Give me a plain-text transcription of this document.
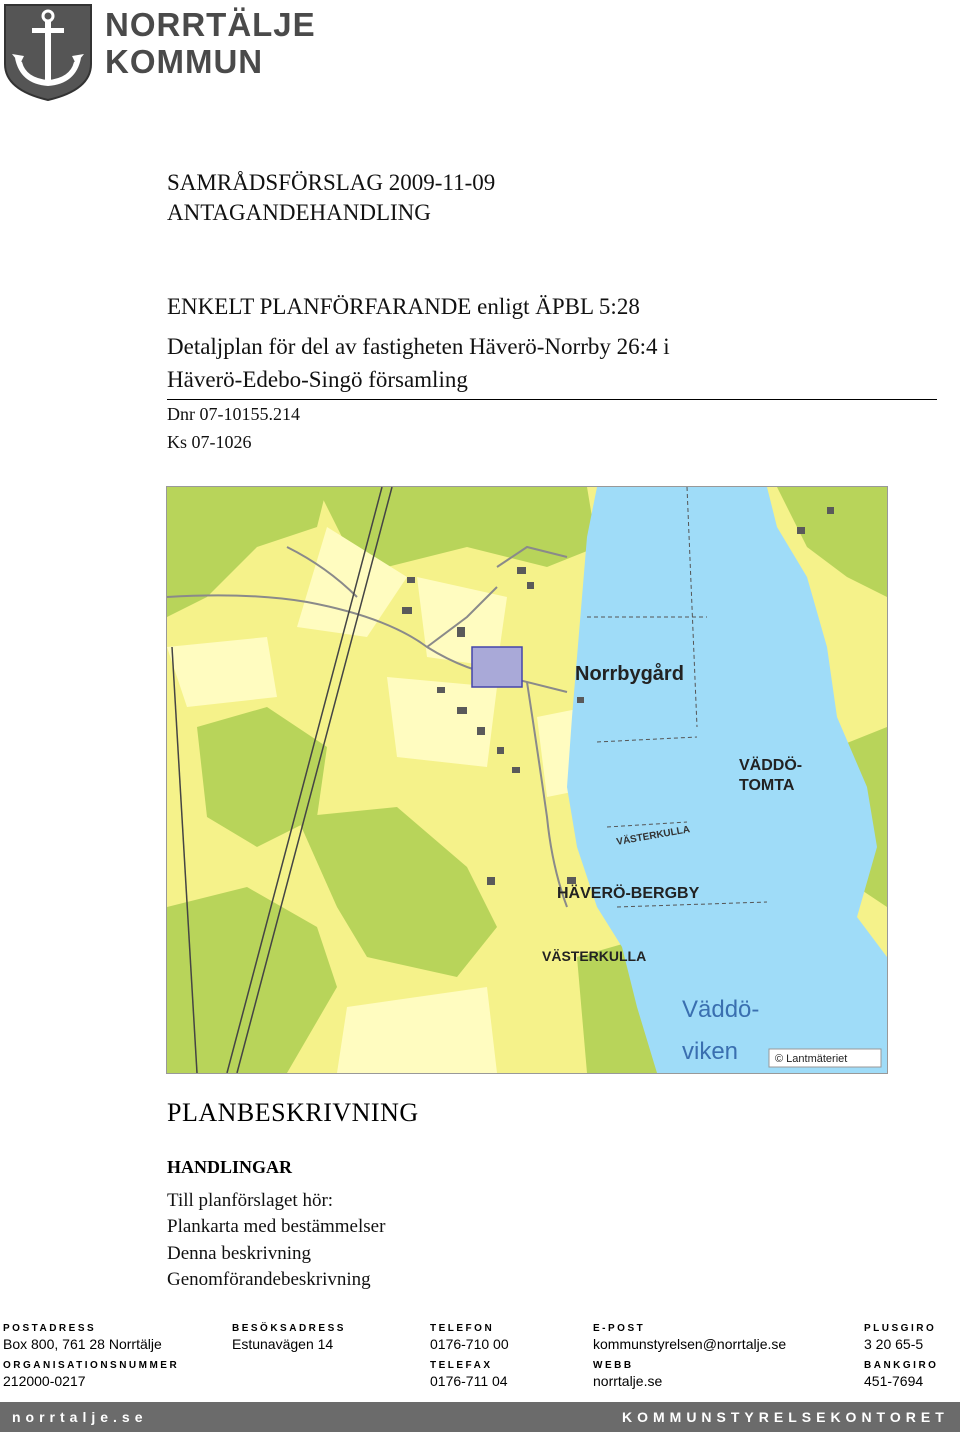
NORRTÄLJE
KOMMUN
SAMRÅDSFÖRSLAG 2009-11-09
ANTAGANDEHANDLING
ENKELT PLANFÖRFARANDE enligt ÄPBL 5:28
Detaljplan för del av fastigheten Häverö-Norrby 26:4 i
Häverö-Edebo-Singö församling
Dnr 07-10155.214
Ks 07-1026
Norrbygård
VÄDDÖ-
TOMTA
VÄSTERKULLA
HÄVERÖ-BERGBY
VÄSTERKULLA
Väddö-
viken	© Lantmäteriet
PLANBESKRIVNING
HANDLINGAR
Till planförslaget hör:
Plankarta med bestämmelser
Denna beskrivning
Genomförandebeskrivning
POSTADRESS
Box 800, 761 28 Norrtälje
BESÖKSADRESS
Estunavägen 14
TELEFON
0176-710 00
E-POST
kommunstyrelsen@norrtalje.se
PLUSGIRO
3 20 65-5
ORGANISATIONSNUMMER
212000-0217
TELEFAX
0176-711 04
WEBB
norrtalje.se
BANKGIRO
451-7694
norrtalje.se	KOMMUNSTYRELSEKONTORET
